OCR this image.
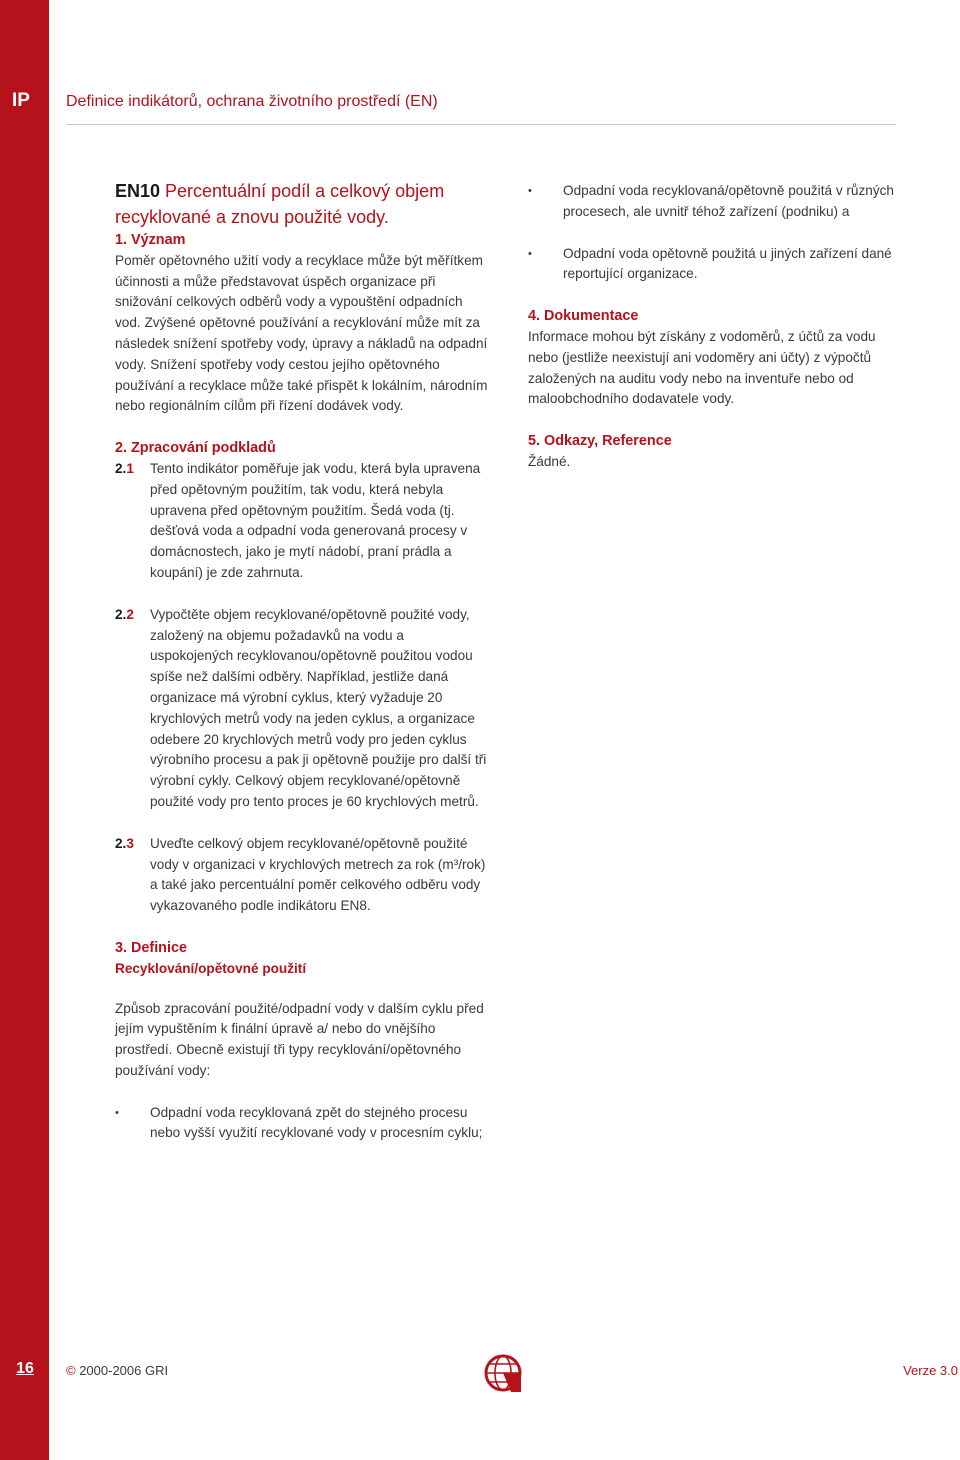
IP
16
Definice indikátorů, ochrana životního prostředí (EN)

EN10 Percentuální podíl a celkový objem recyklované a znovu použité vody.

1. Význam

Poměr opětovného užití vody a recyklace může být měřítkem účinnosti a může představovat úspěch organizace při snižování celkových odběrů vody a vypouštění odpadních vod. Zvýšené opětovné používání a recyklování může mít za následek snížení spotřeby vody, úpravy a nákladů na odpadní vody. Snížení spotřeby vody cestou jejího opětovného používání a recyklace může také přispět k lokálním, národním nebo regionálním cílům při řízení dodávek vody.

2. Zpracování podkladů

2.1	Tento indikátor poměřuje jak vodu, která byla upravena před opětovným použitím, tak vodu, která nebyla upravena před opětovným použitím. Šedá voda (tj. dešťová voda a odpadní voda generovaná procesy v domácnostech, jako je mytí nádobí, praní prádla a koupání) je zde zahrnuta.
2.2	Vypočtěte objem recyklované/opětovně použité vody, založený na objemu požadavků na vodu a uspokojených recyklovanou/opětovně použitou vodou spíše než dalšími odběry. Například, jestliže daná organizace má výrobní cyklus, který vyžaduje 20 krychlových metrů vody na jeden cyklus, a organizace odebere 20 krychlových metrů vody pro jeden cyklus výrobního procesu a pak ji opětovně použije pro další tři výrobní cykly. Celkový objem recyklované/opětovně použité vody pro tento proces je 60 krychlových metrů.
2.3	Uveďte celkový objem recyklované/opětovně použité vody v organizaci v krychlových metrech za rok (m³/rok) a také jako percentuální poměr celkového odběru vody vykazovaného podle indikátoru EN8.

3. Definice

Recyklování/opětovné použití

Způsob zpracování použité/odpadní vody v dalším cyklu před jejím vypuštěním k finální úpravě a/ nebo do vnějšího prostředí. Obecně existují tři typy recyklování/opětovného používání vody:

•	Odpadní voda recyklovaná zpět do stejného procesu nebo vyšší využití recyklované vody v procesním cyklu;
•	Odpadní voda recyklovaná/opětovně použitá v různých procesech, ale uvnitř téhož zařízení (podniku) a
•	Odpadní voda opětovně použitá u jiných zařízení dané reportující organizace.

4. Dokumentace

Informace mohou být získány z vodoměrů, z účtů za vodu nebo (jestliže neexistují ani vodoměry ani účty) z výpočtů založených na auditu vody nebo na inventuře nebo od maloobchodního dodavatele vody.

5. Odkazy, Reference

Žádné.

© 2000-2006 GRI	Verze 3.0
